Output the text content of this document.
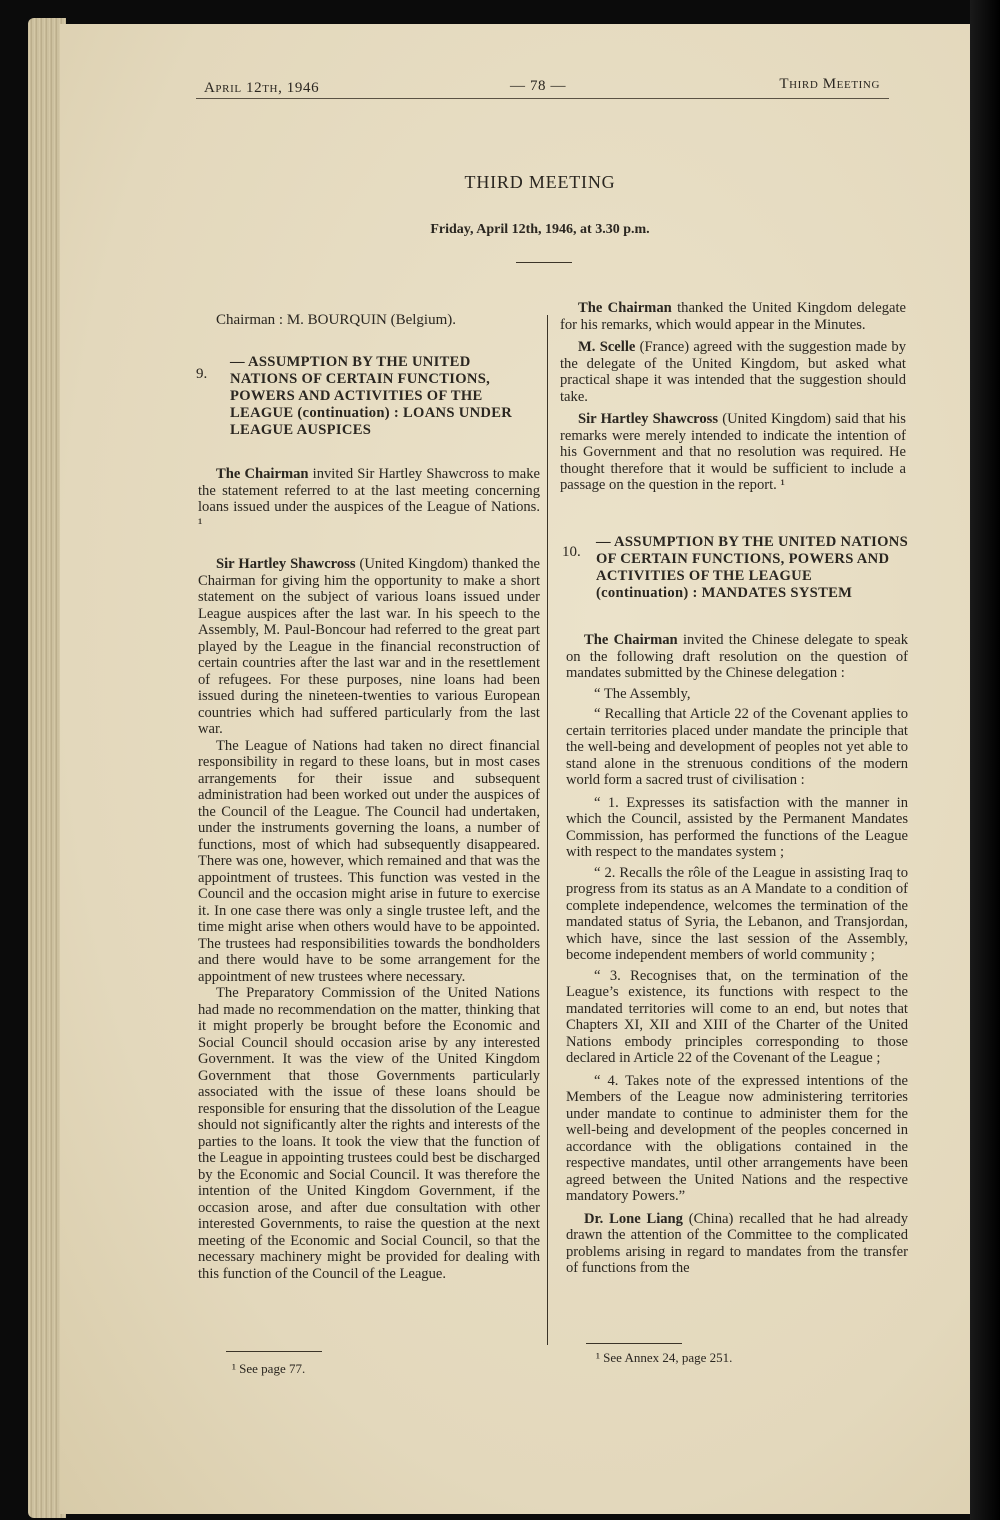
April 12th, 1946	— 78 —	Third Meeting
THIRD MEETING
Friday, April 12th, 1946, at 3.30 p.m.
Chairman : M. BOURQUIN (Belgium).
9.
— ASSUMPTION BY THE UNITED NATIONS OF CERTAIN FUNCTIONS, POWERS AND ACTIVITIES OF THE LEAGUE (continuation) : LOANS UNDER LEAGUE AUSPICES

The Chairman invited Sir Hartley Shawcross to make the statement referred to at the last meeting concerning loans issued under the auspices of the League of Nations. ¹

Sir Hartley Shawcross (United Kingdom) thanked the Chairman for giving him the opportunity to make a short statement on the subject of various loans issued under League auspices after the last war. In his speech to the Assembly, M. Paul-Boncour had referred to the great part played by the League in the financial reconstruction of certain countries after the last war and in the resettlement of refugees. For these purposes, nine loans had been issued during the nineteen-twenties to various European countries which had suffered particularly from the last war.

The League of Nations had taken no direct financial responsibility in regard to these loans, but in most cases arrangements for their issue and subsequent administration had been worked out under the auspices of the Council of the League. The Council had undertaken, under the instruments governing the loans, a number of functions, most of which had subsequently disappeared. There was one, however, which remained and that was the appointment of trustees. This function was vested in the Council and the occasion might arise in future to exercise it. In one case there was only a single trustee left, and the time might arise when others would have to be appointed. The trustees had responsibilities towards the bondholders and there would have to be some arrangement for the appointment of new trustees where necessary.

The Preparatory Commission of the United Nations had made no recommendation on the matter, thinking that it might properly be brought before the Economic and Social Council should occasion arise by any interested Government. It was the view of the United Kingdom Government that those Governments particularly associated with the issue of these loans should be responsible for ensuring that the dissolution of the League should not significantly alter the rights and interests of the parties to the loans. It took the view that the function of the League in appointing trustees could best be discharged by the Economic and Social Council. It was therefore the intention of the United Kingdom Government, if the occasion arose, and after due consultation with other interested Governments, to raise the question at the next meeting of the Economic and Social Council, so that the necessary machinery might be provided for dealing with this function of the Council of the League.

¹ See page 77.

The Chairman thanked the United Kingdom delegate for his remarks, which would appear in the Minutes.

M. Scelle (France) agreed with the suggestion made by the delegate of the United Kingdom, but asked what practical shape it was intended that the suggestion should take.

Sir Hartley Shawcross (United Kingdom) said that his remarks were merely intended to indicate the intention of his Government and that no resolution was required. He thought therefore that it would be sufficient to include a passage on the question in the report. ¹

10.
— ASSUMPTION BY THE UNITED NATIONS OF CERTAIN FUNCTIONS, POWERS AND ACTIVITIES OF THE LEAGUE (continuation) : MANDATES SYSTEM

The Chairman invited the Chinese delegate to speak on the following draft resolution on the question of mandates submitted by the Chinese delegation :

“ The Assembly,

“ Recalling that Article 22 of the Covenant applies to certain territories placed under mandate the principle that the well-being and development of peoples not yet able to stand alone in the strenuous conditions of the modern world form a sacred trust of civilisation :

“ 1. Expresses its satisfaction with the manner in which the Council, assisted by the Permanent Mandates Commission, has performed the functions of the League with respect to the mandates system ;

“ 2. Recalls the rôle of the League in assisting Iraq to progress from its status as an A Mandate to a condition of complete independence, welcomes the termination of the mandated status of Syria, the Lebanon, and Transjordan, which have, since the last session of the Assembly, become independent members of world community ;

“ 3. Recognises that, on the termination of the League’s existence, its functions with respect to the mandated territories will come to an end, but notes that Chapters XI, XII and XIII of the Charter of the United Nations embody principles corresponding to those declared in Article 22 of the Covenant of the League ;

“ 4. Takes note of the expressed intentions of the Members of the League now administering territories under mandate to continue to administer them for the well-being and development of the peoples concerned in accordance with the obligations contained in the respective mandates, until other arrangements have been agreed between the United Nations and the respective mandatory Powers.”

Dr. Lone Liang (China) recalled that he had already drawn the attention of the Committee to the complicated problems arising in regard to mandates from the transfer of functions from the

¹ See Annex 24, page 251.
